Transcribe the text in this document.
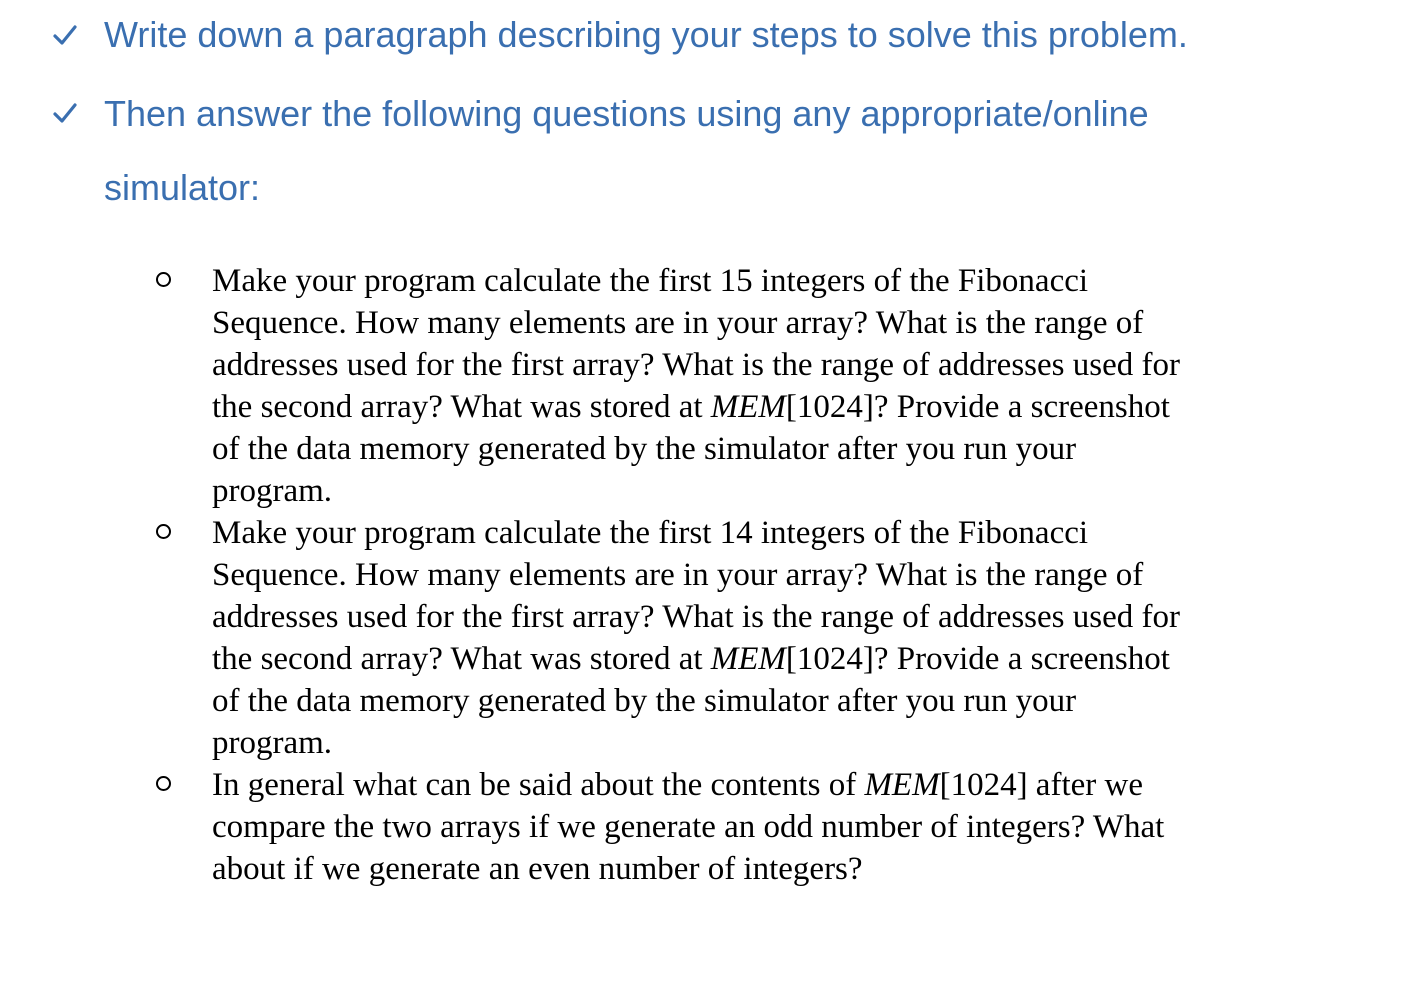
Write down a paragraph describing your steps to solve this problem.
Then answer the following questions using any appropriate/online simulator:
Make your program calculate the first 15 integers of the Fibonacci
Sequence. How many elements are in your array? What is the range of
addresses used for the first array? What is the range of addresses used for
the second array? What was stored at MEM[1024]? Provide a screenshot
of the data memory generated by the simulator after you run your
program.
Make your program calculate the first 14 integers of the Fibonacci
Sequence. How many elements are in your array? What is the range of
addresses used for the first array? What is the range of addresses used for
the second array? What was stored at MEM[1024]? Provide a screenshot
of the data memory generated by the simulator after you run your
program.
In general what can be said about the contents of MEM[1024] after we
compare the two arrays if we generate an odd number of integers? What
about if we generate an even number of integers?
